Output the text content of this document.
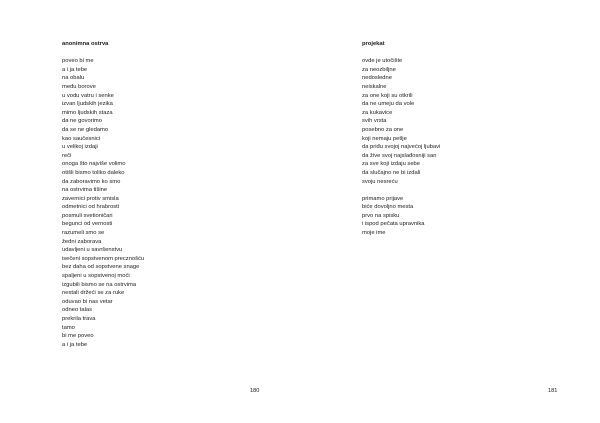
anonimna ostrva
poveo bi me
a i ja tebe
na obalu
među borove
u vodu vatru i senke
izvan ljudskih jezika
mimo ljudskih staza
da ne govorimo
da se ne gledamo
kao saučesnici
u velikoj izdaji
reči
onoga što najviše volimo
otišli bismo toliko daleko
da zaboravimo ko smo
na ostrvima tišine
zavernici protiv smisla
odmetnici od hrabrosti
posmuli svetioničari
begunci od vernosti
razumeli smo se
žedni zaborava
udavljeni u savršenstvu
isečeni sopstvenom precznošću
bez daha od sopstvene snage
spaljeni u sopstvenoj moći
izgubili bismo se na ostrvima
nestali držeći se za ruke
oduvao bi nas vetar
odneo talas
prekrila trava
tamo
bi me poveo
a i ja tebe
180
projekat
ovde je utočište
za neozbiljne
nedosledne
neiskalne
za one koji su otkrili
da ne umeju da vole
za kukavice
svih vrsta
posebno za one
koji nemaju petlje
da priđu svojoj najvećoj ljubavi
da žive svoj najslađosniji san
za sve koji izdaju sebe
da slučajno ne bi izdali
svoju nesreću
primamo prijave
biće dovoljno mesta
prvo na spisku
i ispod pečata upravnika
moje ime
181
